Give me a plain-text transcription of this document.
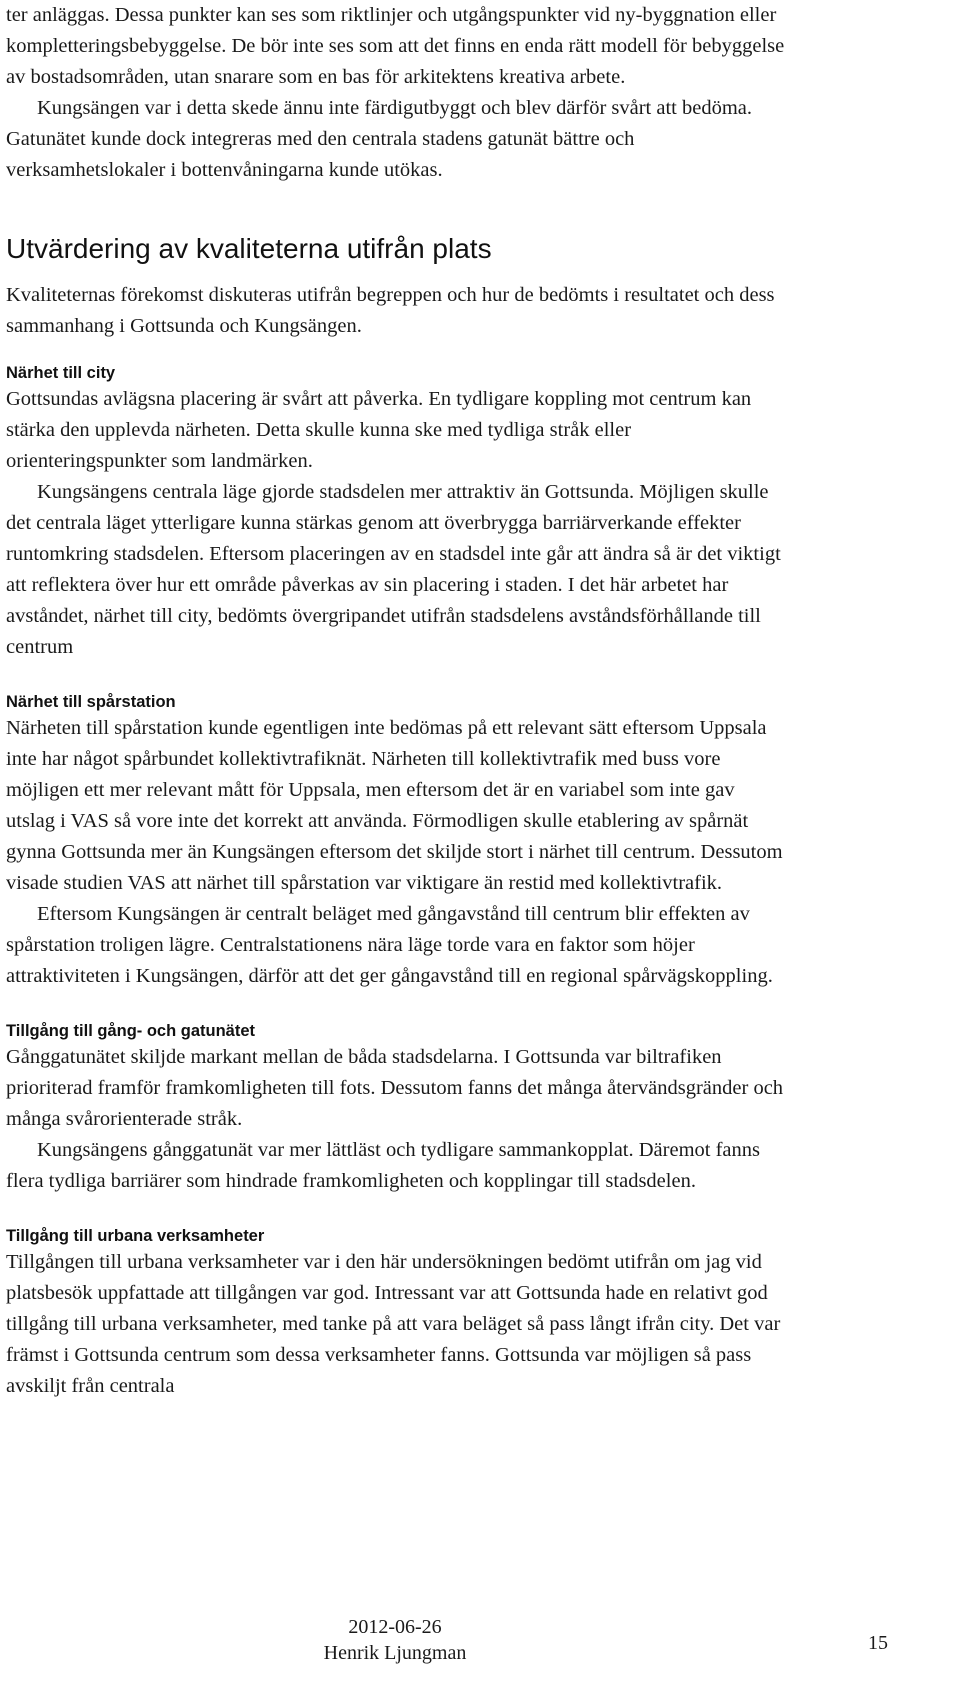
ter anläggas. Dessa punkter kan ses som riktlinjer och utgångspunkter vid ny-byggnation eller kompletteringsbebyggelse. De bör inte ses som att det finns en enda rätt modell för bebyggelse av bostadsområden, utan snarare som en bas för arkitektens kreativa arbete.

Kungsängen var i detta skede ännu inte färdigutbyggt och blev därför svårt att bedöma. Gatunätet kunde dock integreras med den centrala stadens gatunät bättre och verksamhetslokaler i bottenvåningarna kunde utökas.

Utvärdering av kvaliteterna utifrån plats

Kvaliteternas förekomst diskuteras utifrån begreppen och hur de bedömts i resultatet och dess sammanhang i Gottsunda och Kungsängen.

Närhet till city

Gottsundas avlägsna placering är svårt att påverka. En tydligare koppling mot centrum kan stärka den upplevda närheten. Detta skulle kunna ske med tydliga stråk eller orienteringspunkter som landmärken.

Kungsängens centrala läge gjorde stadsdelen mer attraktiv än Gottsunda. Möjligen skulle det centrala läget ytterligare kunna stärkas genom att överbrygga barriärverkande effekter runtomkring stadsdelen. Eftersom placeringen av en stadsdel inte går att ändra så är det viktigt att reflektera över hur ett område påverkas av sin placering i staden. I det här arbetet har avståndet, närhet till city, bedömts övergripandet utifrån stadsdelens avståndsförhållande till centrum

Närhet till spårstation

Närheten till spårstation kunde egentligen inte bedömas på ett relevant sätt eftersom Uppsala inte har något spårbundet kollektivtrafiknät. Närheten till kollektivtrafik med buss vore möjligen ett mer relevant mått för Uppsala, men eftersom det är en variabel som inte gav utslag i VAS så vore inte det korrekt att använda. Förmodligen skulle etablering av spårnät gynna Gottsunda mer än Kungsängen eftersom det skiljde stort i närhet till centrum. Dessutom visade studien VAS att närhet till spårstation var viktigare än restid med kollektivtrafik.

Eftersom Kungsängen är centralt beläget med gångavstånd till centrum blir effekten av spårstation troligen lägre. Centralstationens nära läge torde vara en faktor som höjer attraktiviteten i Kungsängen, därför att det ger gångavstånd till en regional spårvägskoppling.

Tillgång till gång- och gatunätet

Gånggatunätet skiljde markant mellan de båda stadsdelarna. I Gottsunda var biltrafiken prioriterad framför framkomligheten till fots. Dessutom fanns det många återvändsgränder och många svårorienterade stråk.

Kungsängens gånggatunät var mer lättläst och tydligare sammankopplat. Däremot fanns flera tydliga barriärer som hindrade framkomligheten och kopplingar till stadsdelen.

Tillgång till urbana verksamheter

Tillgången till urbana verksamheter var i den här undersökningen bedömt utifrån om jag vid platsbesök uppfattade att tillgången var god. Intressant var att Gottsunda hade en relativt god tillgång till urbana verksamheter, med tanke på att vara beläget så pass långt ifrån city. Det var främst i Gottsunda centrum som dessa verksamheter fanns. Gottsunda var möjligen så pass avskiljt från centrala

2012-06-26
Henrik Ljungman	15
